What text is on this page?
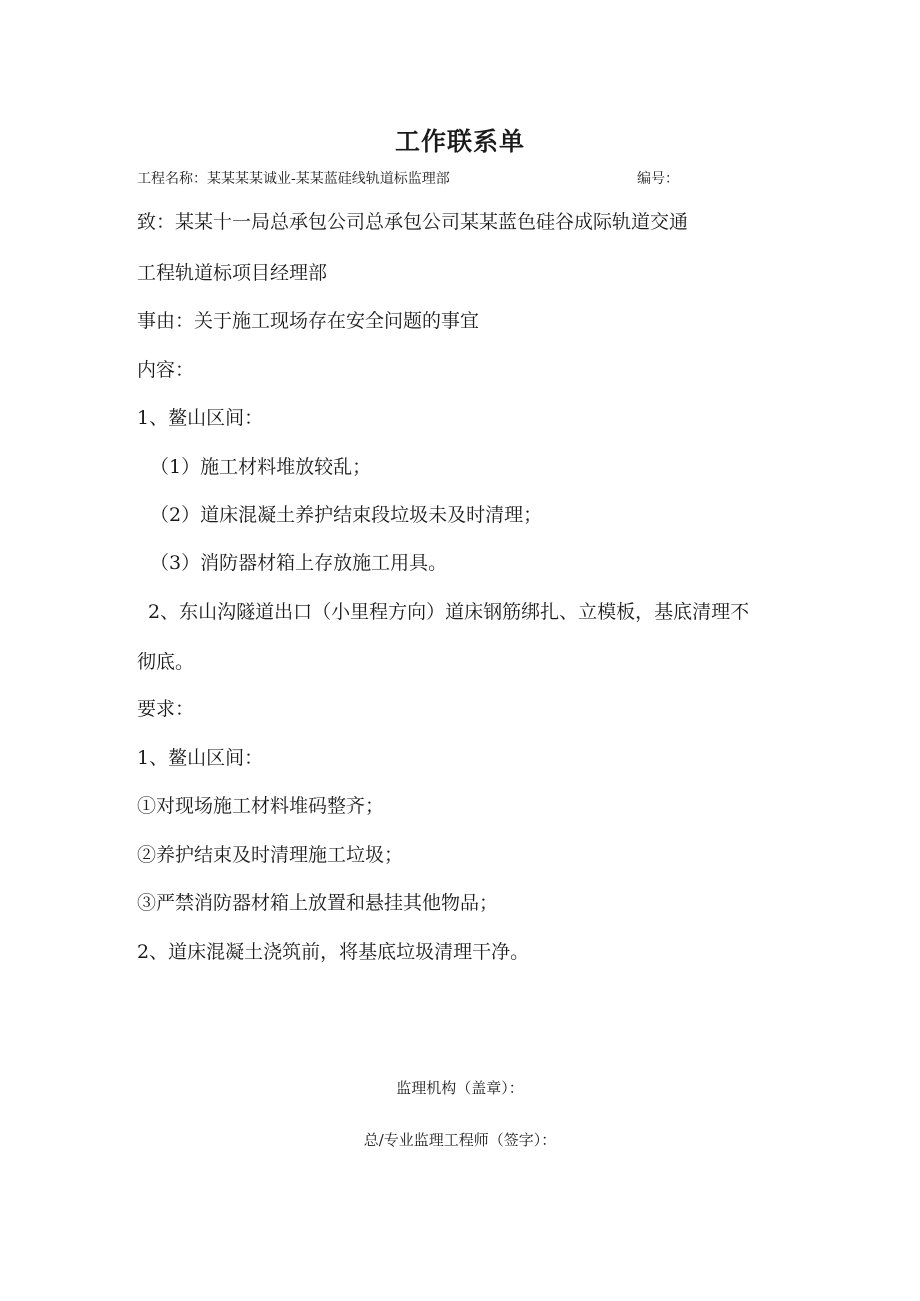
工作联系单
工程名称：某某某某诚业-某某蓝硅线轨道标监理部	编号：
致：某某十一局总承包公司总承包公司某某蓝色硅谷成际轨道交通
工程轨道标项目经理部
事由：关于施工现场存在安全问题的事宜
内容：
1、鳌山区间：
（1）施工材料堆放较乱；
（2）道床混凝土养护结束段垃圾未及时清理；
（3）消防器材箱上存放施工用具。
2、东山沟隧道出口（小里程方向）道床钢筋绑扎、立模板，基底清理不
彻底。
要求：
1、鳌山区间：
①对现场施工材料堆码整齐；
②养护结束及时清理施工垃圾；
③严禁消防器材箱上放置和悬挂其他物品；
2、道床混凝土浇筑前，将基底垃圾清理干净。
监理机构（盖章）：
总/专业监理工程师（签字）：
